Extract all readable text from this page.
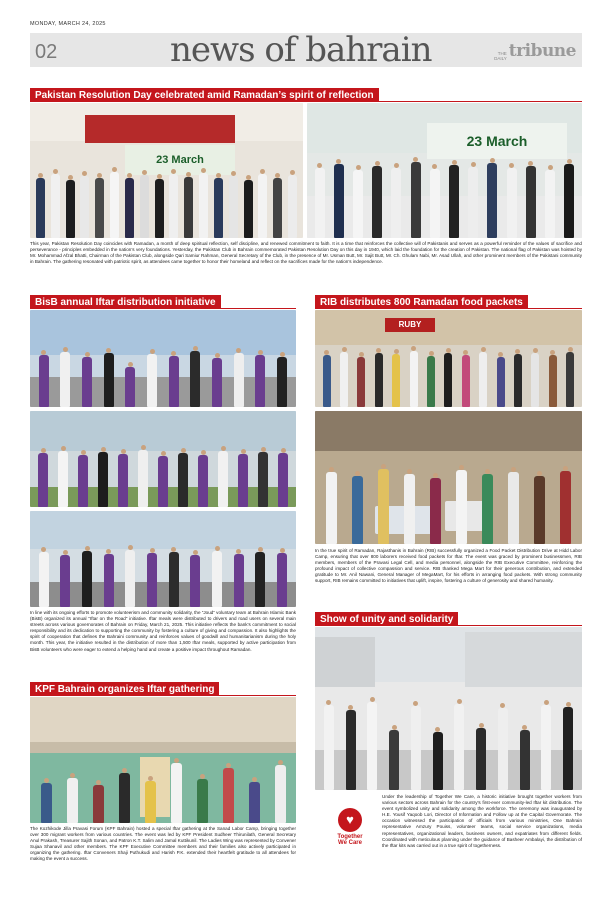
MONDAY, MARCH 24, 2025
02	news of bahrain	THE DAILY tribune
Pakistan Resolution Day celebrated amid Ramadan’s spirit of reflection
23 March
23 March
This year, Pakistan Resolution Day coincides with Ramadan, a month of deep spiritual reflection, self discipline, and renewed commitment to faith. It is a time that reinforces the collective will of Pakistanis and serves as a powerful reminder of the values of sacrifice and perseverance - principles embedded in the nation’s very foundations. Yesterday, the Pakistan Club in Bahrain commemorated Pakistan Resolution Day on this day in 1940, which laid the foundation for the creation of Pakistan. The national flag of Pakistan was hoisted by Mr. Mohammad Afzal Bhatti, Chairman of the Pakistan Club, alongside Qari Samiur Rahman, General Secretary of the Club, in the presence of Mr. Usman Butt, Mr. Sajit Butt, Mr. Ch. Ghulam Nabi, Mr. Asad Ullah, and other prominent members of the Pakistani community in Bahrain. The gathering resonated with patriotic spirit, as attendees came together to honor their homeland and reflect on the sacrifices made for the nation’s independence.
BisB annual Iftar distribution initiative
In line with its ongoing efforts to promote volunteerism and community solidarity, the “Joud” voluntary team at Bahrain Islamic Bank (BisB) organized its annual “Iftar on the Road” initiative. Iftar meals were distributed to drivers and road users on several main streets across various governorates of Bahrain on Friday, March 21, 2025. This initiative reflects the bank’s commitment to social responsibility and its dedication to supporting the community by fostering a culture of giving and compassion. It also highlights the spirit of cooperation that defines the Bahraini community and reinforces values of goodwill and humanitarianism during the holy month. This year, the initiative resulted in the distribution of more than 1,500 Iftar meals, supported by active participation from BisB volunteers who were eager to extend a helping hand and create a positive impact throughout Ramadan.
RIB distributes 800 Ramadan food packets
RUBY
In the true spirit of Ramadan, Rajasthanis in Bahrain (RIB) successfully organized a Food Packet Distribution Drive at Hidd Labor Camp, ensuring that over 800 laborers received food packets for Iftar. The event was graced by prominent businessmen, RIB members, members of the Pravasi Legal Cell, and media personnel, alongside the RIB Executive Committee, reinforcing the profound impact of collective compassion and service. RIB thanked Mega Mart for their generous contribution, and extended gratitude to Mr. Anil Nawani, General Manager of MegaMart, for his efforts in arranging food packets. With strong community support, RIB remains committed to initiatives that uplift, inspire, fostering a culture of generosity and shared humanity.
Show of unity and solidarity
♥
Together We Care
Under the leadership of Together We Care, a historic initiative brought together workers from various sectors across Bahrain for the country’s first-ever community-led Iftar kit distribution. The event symbolized unity and solidarity among the workforce. The ceremony was inaugurated by H.E. Yousif Yaqoob Lori, Director of Information and Follow up at the Capital Governorate. The occasion witnessed the participation of officials from various ministries, One Bahrain representative Amzury Pouiss, volunteer teams, social service organizations, media representatives, organizational leaders, business owners, and expatriates from different fields. Coordinated with meticulous planning under the guidance of Basheer Ambalayi, the distribution of the Iftar kits was carried out in a true spirit of togetherness.
KPF Bahrain organizes Iftar gathering
The Kozhikode Jilla Pravasi Forum (KPF Bahrain) hosted a special Iftar gathering at the Sanad Labor Camp, bringing together over 300 migrant workers from various countries. The event was led by KPF President Sudheer Thirunilath, General Secretary Anul Prakash, Treasurer Sajith Sonan, and Patron K.T. Salim and Jamal Kuttikunil. The Ladies Wing was represented by Convener Sujaa Shanavil and other members. The KPF Executive Committee members and their families also actively participated in organizing the gathering. Iftar Conveners Shaji Puthukudi and Harish P.K. extended their heartfelt gratitude to all attendees for making the event a success.
